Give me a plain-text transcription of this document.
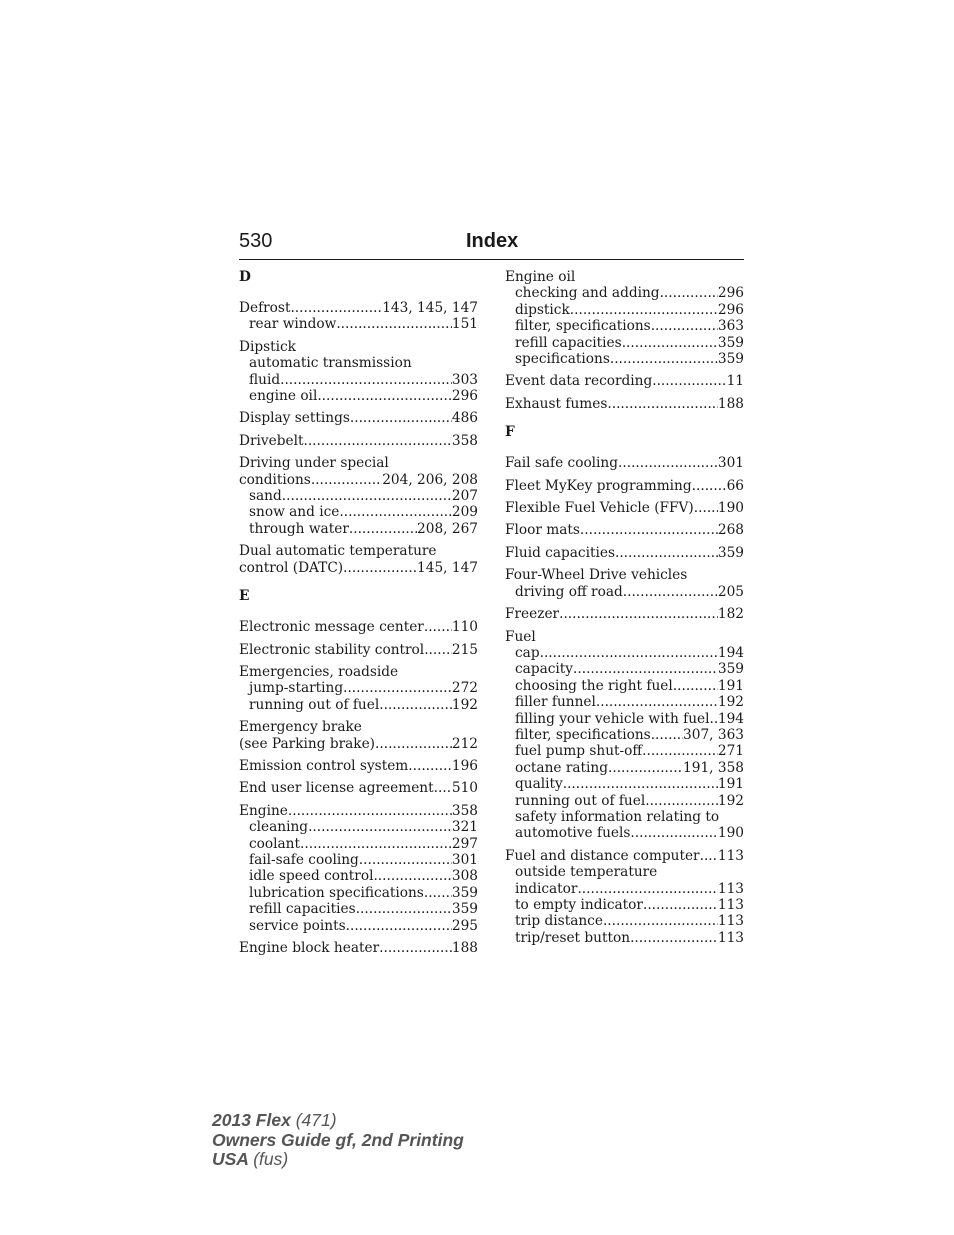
530	Index
D
Defrost .....	143, 145, 147
rear window .....	151
Dipstick
automatic transmission
fluid .....	303
engine oil .....	296
Display settings .....	486
Drivebelt .....	358
Driving under special
conditions .....	204, 206, 208
sand .....	207
snow and ice .....	209
through water .....	208, 267
Dual automatic temperature
control (DATC) .....	145, 147
E
Electronic message center ..... 110
Electronic stability control ..... 215
Emergencies, roadside
jump-starting .....	272
running out of fuel .....	192
Emergency brake
(see Parking brake) .....	212
Emission control system .....	196
End user license agreement ..... 510
Engine .....	358
cleaning .....	321
coolant .....	297
fail-safe cooling .....	301
idle speed control .....	308
lubrication specifications ..... 359
refill capacities .....	359
service points .....	295
Engine block heater .....	188
Engine oil
checking and adding .....	296
dipstick .....	296
filter, specifications .....	363
refill capacities .....	359
specifications .....	359
Event data recording .....	11
Exhaust fumes .....	188
F
Fail safe cooling .....	301
Fleet MyKey programming .....	66
Flexible Fuel Vehicle (FFV) ..... 190
Floor mats .....	268
Fluid capacities .....	359
Four-Wheel Drive vehicles
driving off road .....	205
Freezer .....	182
Fuel
cap .....	194
capacity .....	359
choosing the right fuel .....	191
filler funnel .....	192
filling your vehicle with fuel ..... 194
filter, specifications ..... 307, 363
fuel pump shut-off .....	271
octane rating .....	191, 358
quality .....	191
running out of fuel .....	192
safety information relating to
automotive fuels .....	190
Fuel and distance computer ..... 113
outside temperature
indicator .....	113
to empty indicator .....	113
trip distance .....	113
trip/reset button .....	113
2013 Flex (471)
Owners Guide gf, 2nd Printing
USA (fus)
